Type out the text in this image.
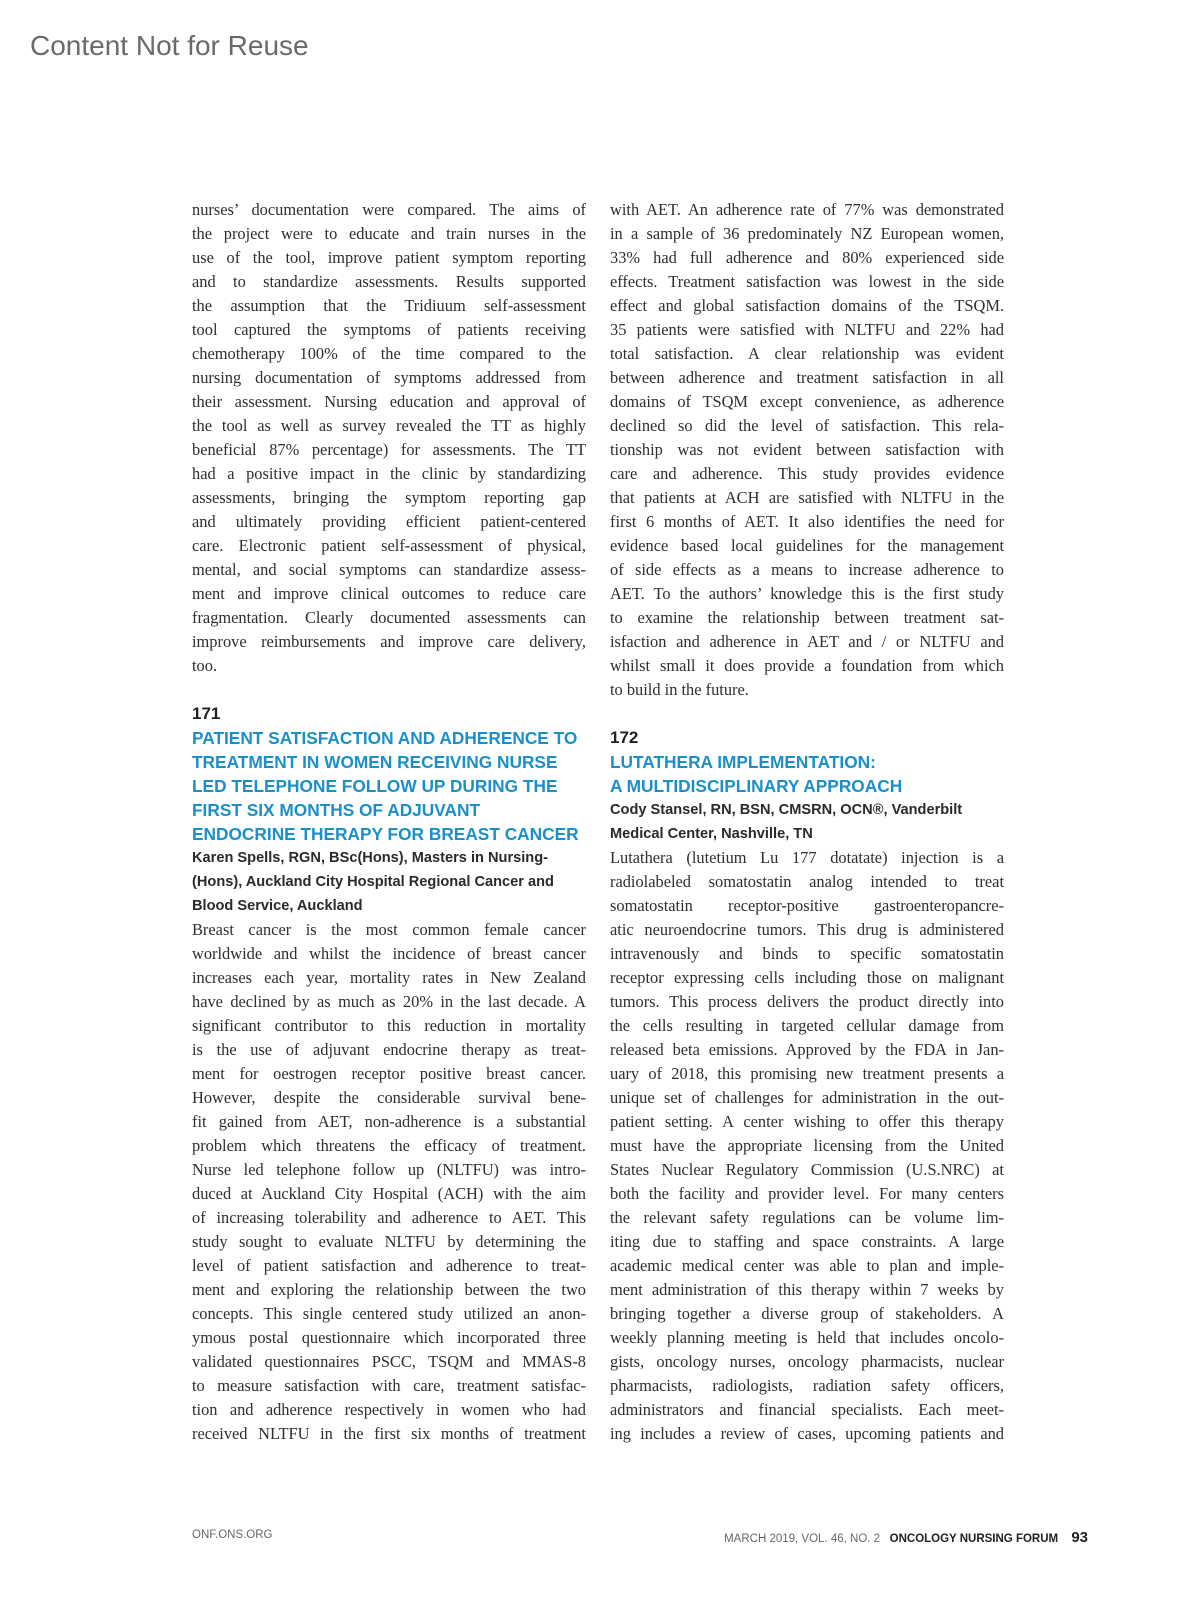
Content Not for Reuse
nurses’ documentation were compared. The aims of
the project were to educate and train nurses in the
use of the tool, improve patient symptom reporting
and to standardize assessments. Results supported
the assumption that the Tridiuum self-assessment
tool captured the symptoms of patients receiving
chemotherapy 100% of the time compared to the
nursing documentation of symptoms addressed from
their assessment. Nursing education and approval of
the tool as well as survey revealed the TT as highly
beneficial 87% percentage) for assessments. The TT
had a positive impact in the clinic by standardizing
assessments, bringing the symptom reporting gap
and ultimately providing efficient patient-centered
care. Electronic patient self-assessment of physical,
mental, and social symptoms can standardize assess-
ment and improve clinical outcomes to reduce care
fragmentation. Clearly documented assessments can
improve reimbursements and improve care delivery,
too.
with AET. An adherence rate of 77% was demonstrated
in a sample of 36 predominately NZ European women,
33% had full adherence and 80% experienced side
effects. Treatment satisfaction was lowest in the side
effect and global satisfaction domains of the TSQM.
35 patients were satisfied with NLTFU and 22% had
total satisfaction. A clear relationship was evident
between adherence and treatment satisfaction in all
domains of TSQM except convenience, as adherence
declined so did the level of satisfaction. This rela-
tionship was not evident between satisfaction with
care and adherence. This study provides evidence
that patients at ACH are satisfied with NLTFU in the
first 6 months of AET. It also identifies the need for
evidence based local guidelines for the management
of side effects as a means to increase adherence to
AET. To the authors’ knowledge this is the first study
to examine the relationship between treatment sat-
isfaction and adherence in AET and / or NLTFU and
whilst small it does provide a foundation from which
to build in the future.
171
PATIENT SATISFACTION AND ADHERENCE TO
TREATMENT IN WOMEN RECEIVING NURSE
LED TELEPHONE FOLLOW UP DURING THE
FIRST SIX MONTHS OF ADJUVANT
ENDOCRINE THERAPY FOR BREAST CANCER
Karen Spells, RGN, BSc(Hons), Masters in Nursing-
(Hons), Auckland City Hospital Regional Cancer and
Blood Service, Auckland
Breast cancer is the most common female cancer
worldwide and whilst the incidence of breast cancer
increases each year, mortality rates in New Zealand
have declined by as much as 20% in the last decade. A
significant contributor to this reduction in mortality
is the use of adjuvant endocrine therapy as treat-
ment for oestrogen receptor positive breast cancer.
However, despite the considerable survival bene-
fit gained from AET, non-adherence is a substantial
problem which threatens the efficacy of treatment.
Nurse led telephone follow up (NLTFU) was intro-
duced at Auckland City Hospital (ACH) with the aim
of increasing tolerability and adherence to AET. This
study sought to evaluate NLTFU by determining the
level of patient satisfaction and adherence to treat-
ment and exploring the relationship between the two
concepts. This single centered study utilized an anon-
ymous postal questionnaire which incorporated three
validated questionnaires PSCC, TSQM and MMAS-8
to measure satisfaction with care, treatment satisfac-
tion and adherence respectively in women who had
received NLTFU in the first six months of treatment
172
LUTATHERA IMPLEMENTATION:
A MULTIDISCIPLINARY APPROACH
Cody Stansel, RN, BSN, CMSRN, OCN®, Vanderbilt
Medical Center, Nashville, TN
Lutathera (lutetium Lu 177 dotatate) injection is a
radiolabeled somatostatin analog intended to treat
somatostatin receptor-positive gastroenteropancre-
atic neuroendocrine tumors. This drug is administered
intravenously and binds to specific somatostatin
receptor expressing cells including those on malignant
tumors. This process delivers the product directly into
the cells resulting in targeted cellular damage from
released beta emissions. Approved by the FDA in Jan-
uary of 2018, this promising new treatment presents a
unique set of challenges for administration in the out-
patient setting. A center wishing to offer this therapy
must have the appropriate licensing from the United
States Nuclear Regulatory Commission (U.S.NRC) at
both the facility and provider level. For many centers
the relevant safety regulations can be volume lim-
iting due to staffing and space constraints. A large
academic medical center was able to plan and imple-
ment administration of this therapy within 7 weeks by
bringing together a diverse group of stakeholders. A
weekly planning meeting is held that includes oncolo-
gists, oncology nurses, oncology pharmacists, nuclear
pharmacists, radiologists, radiation safety officers,
administrators and financial specialists. Each meet-
ing includes a review of cases, upcoming patients and
ONF.ONS.ORG	MARCH 2019, VOL. 46, NO. 2 ONCOLOGY NURSING FORUM 93
